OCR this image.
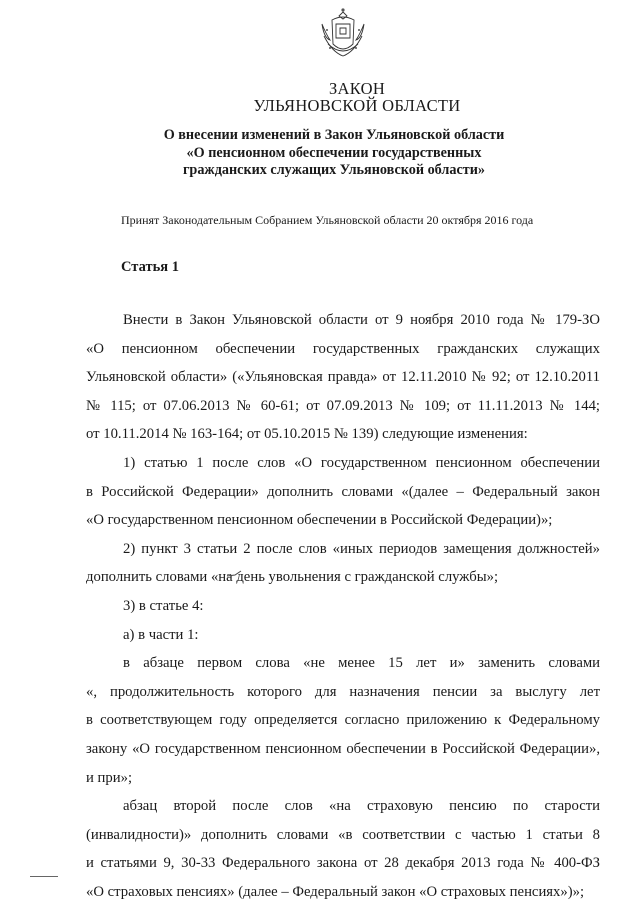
ЗАКОН
УЛЬЯНОВСКОЙ ОБЛАСТИ
О внесении изменений в Закон Ульяновской области
«О пенсионном обеспечении государственных
гражданских служащих Ульяновской области»
Принят Законодательным Собранием Ульяновской области 20 октября 2016 года
Статья 1

Внести в Закон Ульяновской области от 9 ноября 2010 года № 179-ЗО
«О пенсионном обеспечении государственных гражданских служащих
Ульяновской области» («Ульяновская правда» от 12.11.2010 № 92; от 12.10.2011
№ 115; от 07.06.2013 № 60-61; от 07.09.2013 № 109; от 11.11.2013 № 144;
от 10.11.2014 № 163-164; от 05.10.2015 № 139) следующие изменения:

1) статью 1 после слов «О государственном пенсионном обеспечении
в Российской Федерации» дополнить словами «(далее – Федеральный закон
«О государственном пенсионном обеспечении в Российской Федерации)»;

2) пункт 3 статьи 2 после слов «иных периодов замещения должностей»
дополнить словами «на день увольнения с гражданской службы»;

3) в статье 4:

а) в части 1:

в абзаце первом слова «не менее 15 лет и» заменить словами
«, продолжительность которого для назначения пенсии за выслугу лет
в соответствующем году определяется согласно приложению к Федеральному
закону «О государственном пенсионном обеспечении в Российской Федерации»,
и при»;

абзац второй после слов «на страховую пенсию по старости
(инвалидности)» дополнить словами «в соответствии с частью 1 статьи 8
и статьями 9, 30-33 Федерального закона от 28 декабря 2013 года № 400-ФЗ
«О страховых пенсиях» (далее – Федеральный закон «О страховых пенсиях»)»;
